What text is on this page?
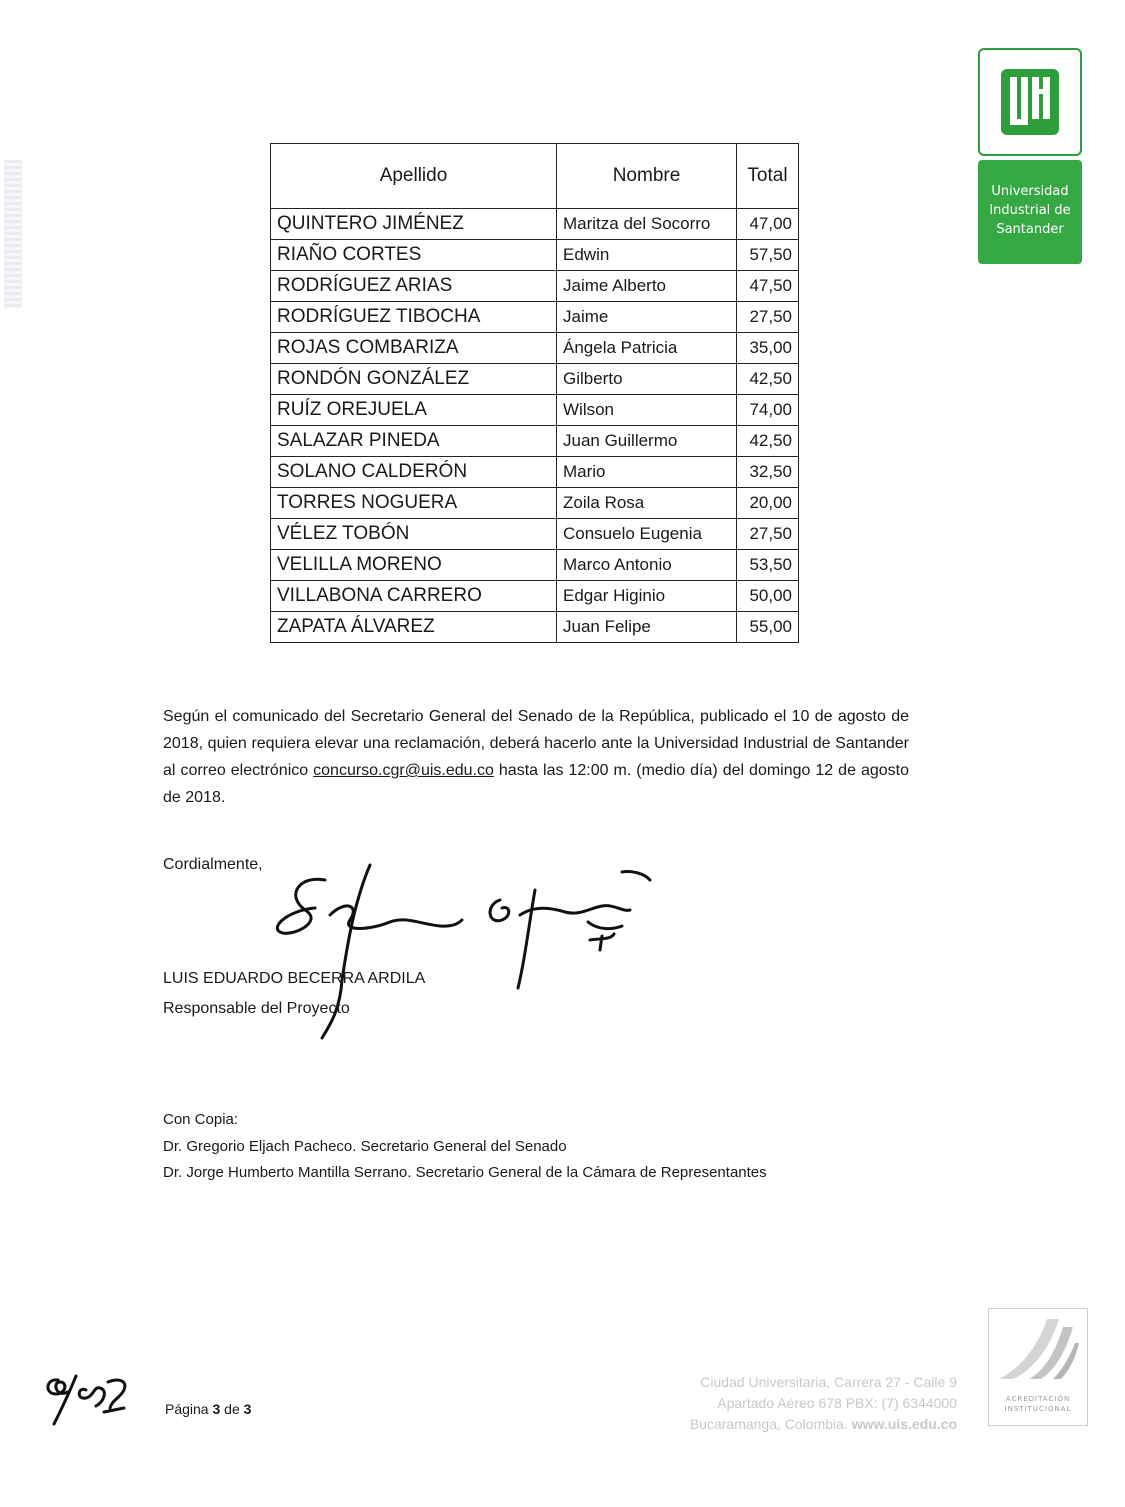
Universidad
Industrial de
Santander
Apellido	Nombre	Total
QUINTERO JIMÉNEZ	Maritza del Socorro	47,00
RIAÑO CORTES	Edwin	57,50
RODRÍGUEZ ARIAS	Jaime Alberto	47,50
RODRÍGUEZ TIBOCHA	Jaime	27,50
ROJAS COMBARIZA	Ángela Patricia	35,00
RONDÓN GONZÁLEZ	Gilberto	42,50
RUÍZ OREJUELA	Wilson	74,00
SALAZAR PINEDA	Juan Guillermo	42,50
SOLANO CALDERÓN	Mario	32,50
TORRES NOGUERA	Zoila Rosa	20,00
VÉLEZ TOBÓN	Consuelo Eugenia	27,50
VELILLA MORENO	Marco Antonio	53,50
VILLABONA CARRERO	Edgar Higinio	50,00
ZAPATA ÁLVAREZ	Juan Felipe	55,00
Según el comunicado del Secretario General del Senado de la República, publicado el 10 de agosto de 2018, quien requiera elevar una reclamación, deberá hacerlo ante la Universidad Industrial de Santander al correo electrónico concurso.cgr@uis.edu.co hasta las 12:00 m. (medio día) del domingo 12 de agosto de 2018.
Cordialmente,
LUIS EDUARDO BECERRA ARDILA
Responsable del Proyecto
Con Copia:
Dr. Gregorio Eljach Pacheco. Secretario General del Senado
Dr. Jorge Humberto Mantilla Serrano. Secretario General de la Cámara de Representantes
Página 3 de 3
Ciudad Universitaria, Carrera 27 - Calle 9
Apartado Aéreo 678 PBX: (7) 6344000
Bucaramanga, Colombia. www.uis.edu.co
ACREDITACIÓN
INSTITUCIONAL
